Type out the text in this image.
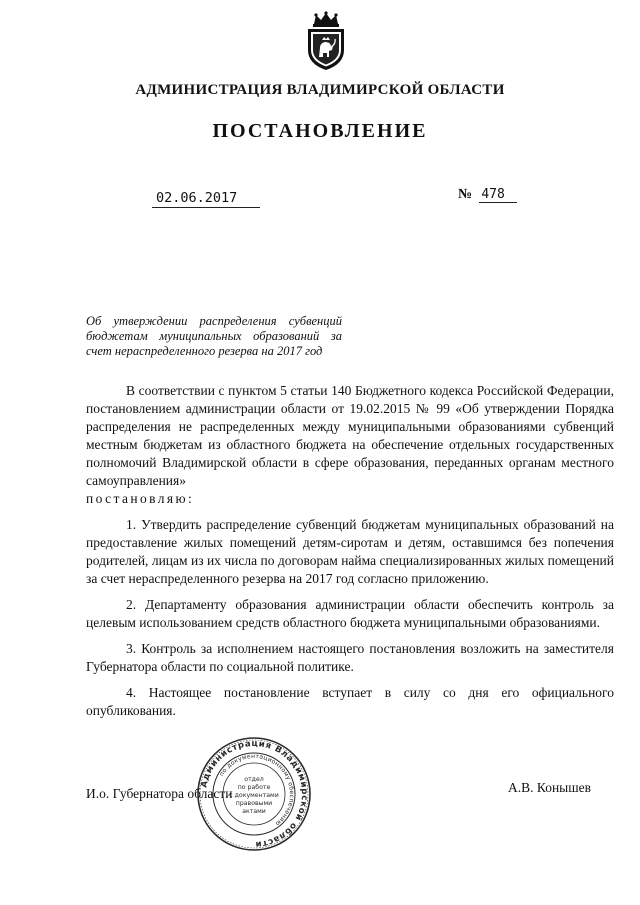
АДМИНИСТРАЦИЯ ВЛАДИМИРСКОЙ ОБЛАСТИ
ПОСТАНОВЛЕНИЕ
02.06.2017	№ 478
Об утверждении распределения субвенций бюджетам муниципальных образований за счет нераспределенного резерва на 2017 год

В соответствии с пунктом 5 статьи 140 Бюджетного кодекса Российской Федерации, постановлением администрации области от 19.02.2015 № 99 «Об утверждении Порядка распределения не распределенных между муниципальными образованиями субвенций местным бюджетам из областного бюджета на обеспечение отдельных государственных полномочий Владимирской области в сфере образования, переданных органам местного самоуправления»

постановляю:

1. Утвердить распределение субвенций бюджетам муниципальных образований на предоставление жилых помещений детям-сиротам и детям, оставшимся без попечения родителей, лицам из их числа по договорам найма специализированных жилых помещений за счет нераспределенного резерва на 2017 год согласно приложению.

2. Департаменту образования администрации области обеспечить контроль за целевым использованием средств областного бюджета муниципальными образованиями.

3. Контроль за исполнением настоящего постановления возложить на заместителя Губернатора области по социальной политике.

4. Настоящее постановление вступает в силу со дня его официального опубликования.

И.о. Губернатора области	А.В. Конышев
Администрация Владимирской области
по документационному обеспечению
отдел
по работе
с документами
правовыми
актами
